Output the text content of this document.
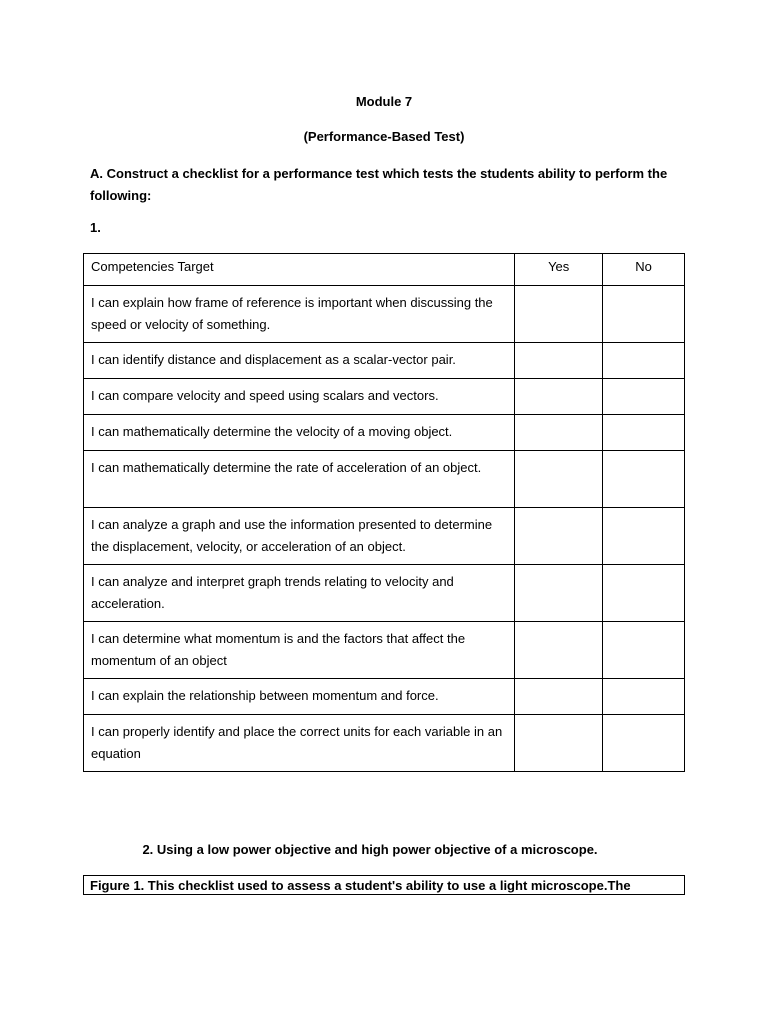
Module 7
(Performance-Based Test)
A. Construct a checklist for a performance test which tests the students ability to perform the following:
1.
Competencies Target	Yes	No
I can explain how frame of reference is important when discussing the speed or velocity of something.		
I can identify distance and displacement as a scalar-vector pair.		
I can compare velocity and speed using scalars and vectors.		
I can mathematically determine the velocity of a moving object.		
I can mathematically determine the rate of acceleration of an object.		
I can analyze a graph and use the information presented to determine the displacement, velocity, or acceleration of an object.		
I can analyze and interpret graph trends relating to velocity and acceleration.		
I can determine what momentum is and the factors that affect the momentum of an object		
I can explain the relationship between momentum and force.		
I can properly identify and place the correct units for each variable in an equation		
2. Using a low power objective and high power objective of a microscope.
Figure 1. This checklist used to assess a student's ability to use a light microscope.The
